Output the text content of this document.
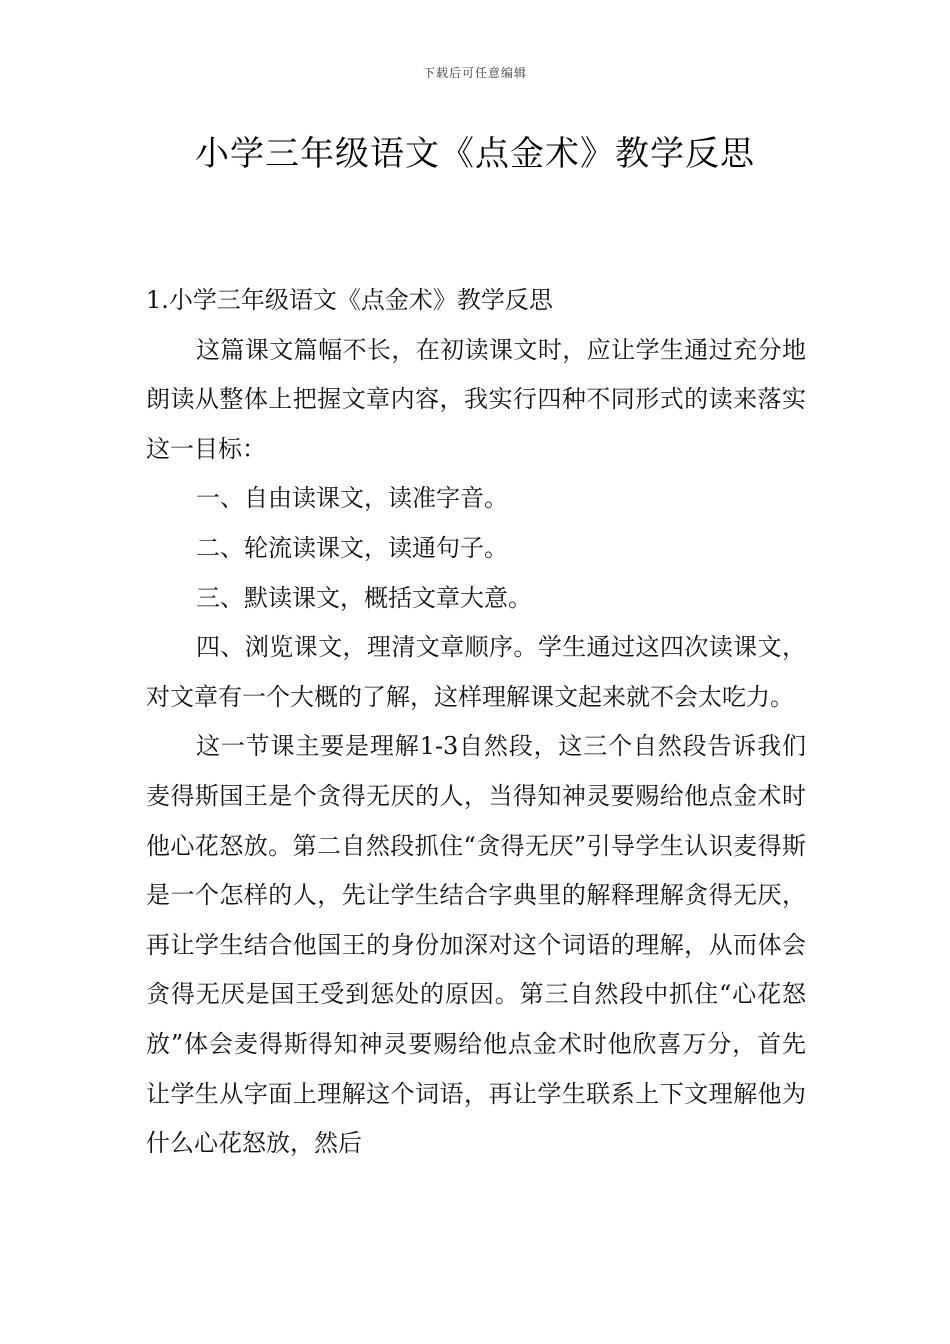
下载后可任意编辑
小学三年级语文《点金术》教学反思

1.小学三年级语文《点金术》教学反思

这篇课文篇幅不长，在初读课文时，应让学生通过充分地朗读从整体上把握文章内容，我实行四种不同形式的读来落实这一目标：

一、自由读课文，读准字音。

二、轮流读课文，读通句子。

三、默读课文，概括文章大意。

四、浏览课文，理清文章顺序。学生通过这四次读课文，对文章有一个大概的了解，这样理解课文起来就不会太吃力。

这一节课主要是理解1-3自然段，这三个自然段告诉我们麦得斯国王是个贪得无厌的人，当得知神灵要赐给他点金术时他心花怒放。第二自然段抓住“贪得无厌”引导学生认识麦得斯是一个怎样的人，先让学生结合字典里的解释理解贪得无厌，再让学生结合他国王的身份加深对这个词语的理解，从而体会贪得无厌是国王受到惩处的原因。第三自然段中抓住“心花怒放”体会麦得斯得知神灵要赐给他点金术时他欣喜万分，首先让学生从字面上理解这个词语，再让学生联系上下文理解他为什么心花怒放，然后
